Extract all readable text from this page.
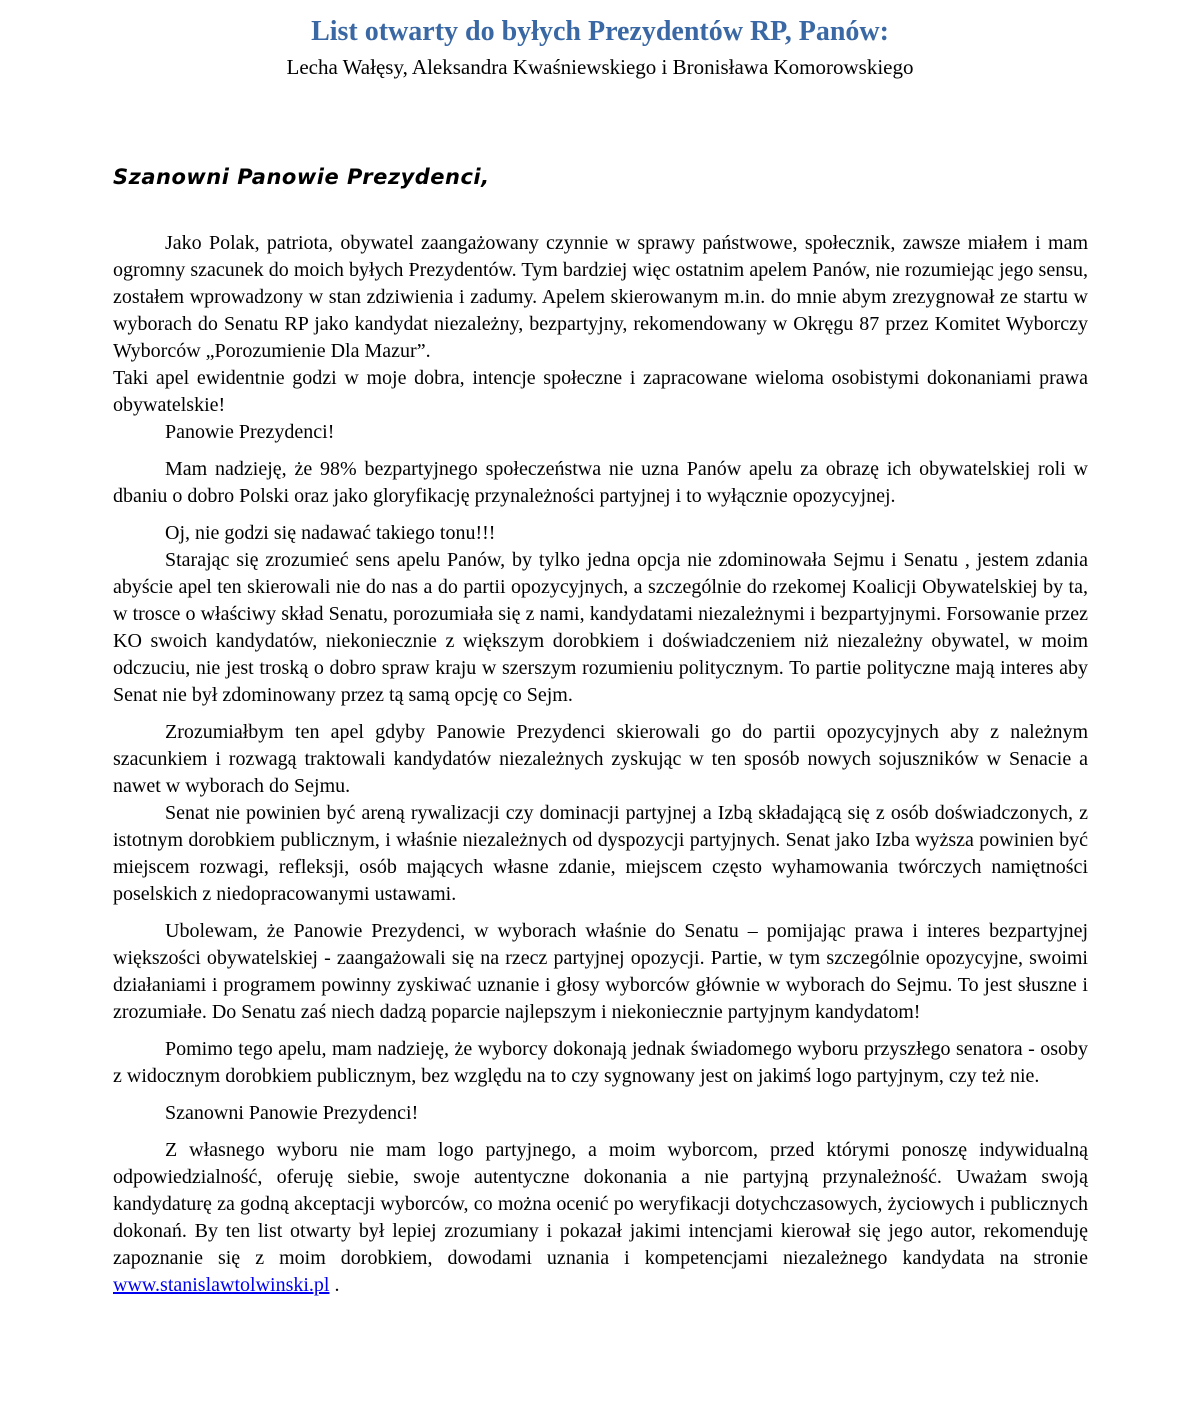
List otwarty do byłych Prezydentów RP, Panów:
Lecha Wałęsy, Aleksandra Kwaśniewskiego i Bronisława Komorowskiego
Szanowni Panowie Prezydenci,

Jako Polak, patriota, obywatel zaangażowany czynnie w sprawy państwowe, społecznik, zawsze miałem i mam ogromny szacunek do moich byłych Prezydentów. Tym bardziej więc ostatnim apelem Panów, nie rozumiejąc jego sensu, zostałem wprowadzony w stan zdziwienia i zadumy. Apelem skierowanym m.in. do mnie abym zrezygnował ze startu w wyborach do Senatu RP jako kandydat niezależny, bezpartyjny, rekomendowany w Okręgu 87 przez Komitet Wyborczy Wyborców „Porozumienie Dla Mazur”.

Taki apel ewidentnie godzi w moje dobra, intencje społeczne i zapracowane wieloma osobistymi dokonaniami prawa obywatelskie!

Panowie Prezydenci!

Mam nadzieję, że 98% bezpartyjnego społeczeństwa nie uzna Panów apelu za obrazę ich obywatelskiej roli w dbaniu o dobro Polski oraz jako gloryfikację przynależności partyjnej i to wyłącznie opozycyjnej.

Oj, nie godzi się nadawać takiego tonu!!!

Starając się zrozumieć sens apelu Panów, by tylko jedna opcja nie zdominowała Sejmu i Senatu , jestem zdania abyście apel ten skierowali nie do nas a do partii opozycyjnych, a szczególnie do rzekomej Koalicji Obywatelskiej by ta, w trosce o właściwy skład Senatu, porozumiała się z nami, kandydatami niezależnymi i bezpartyjnymi. Forsowanie przez KO swoich kandydatów, niekoniecznie z większym dorobkiem i doświadczeniem niż niezależny obywatel, w moim odczuciu, nie jest troską o dobro spraw kraju w szerszym rozumieniu politycznym. To partie polityczne mają interes aby Senat nie był zdominowany przez tą samą opcję co Sejm.

Zrozumiałbym ten apel gdyby Panowie Prezydenci skierowali go do partii opozycyjnych aby z należnym szacunkiem i rozwagą traktowali kandydatów niezależnych zyskując w ten sposób nowych sojuszników w Senacie a nawet w wyborach do Sejmu.

Senat nie powinien być areną rywalizacji czy dominacji partyjnej a Izbą składającą się z osób doświadczonych, z istotnym dorobkiem publicznym, i właśnie niezależnych od dyspozycji partyjnych. Senat jako Izba wyższa powinien być miejscem rozwagi, refleksji, osób mających własne zdanie, miejscem często wyhamowania twórczych namiętności poselskich z niedopracowanymi ustawami.

Ubolewam, że Panowie Prezydenci, w wyborach właśnie do Senatu – pomijając prawa i interes bezpartyjnej większości obywatelskiej - zaangażowali się na rzecz partyjnej opozycji. Partie, w tym szczególnie opozycyjne, swoimi działaniami i programem powinny zyskiwać uznanie i głosy wyborców głównie w wyborach do Sejmu. To jest słuszne i zrozumiałe. Do Senatu zaś niech dadzą poparcie najlepszym i niekoniecznie partyjnym kandydatom!

Pomimo tego apelu, mam nadzieję, że wyborcy dokonają jednak świadomego wyboru przyszłego senatora - osoby z widocznym dorobkiem publicznym, bez względu na to czy sygnowany jest on jakimś logo partyjnym, czy też nie.

Szanowni Panowie Prezydenci!

Z własnego wyboru nie mam logo partyjnego, a moim wyborcom, przed którymi ponoszę indywidualną odpowiedzialność, oferuję siebie, swoje autentyczne dokonania a nie partyjną przynależność. Uważam swoją kandydaturę za godną akceptacji wyborców, co można ocenić po weryfikacji dotychczasowych, życiowych i publicznych dokonań. By ten list otwarty był lepiej zrozumiany i pokazał jakimi intencjami kierował się jego autor, rekomenduję zapoznanie się z moim dorobkiem, dowodami uznania i kompetencjami niezależnego kandydata na stronie www.stanislawtolwinski.pl .
